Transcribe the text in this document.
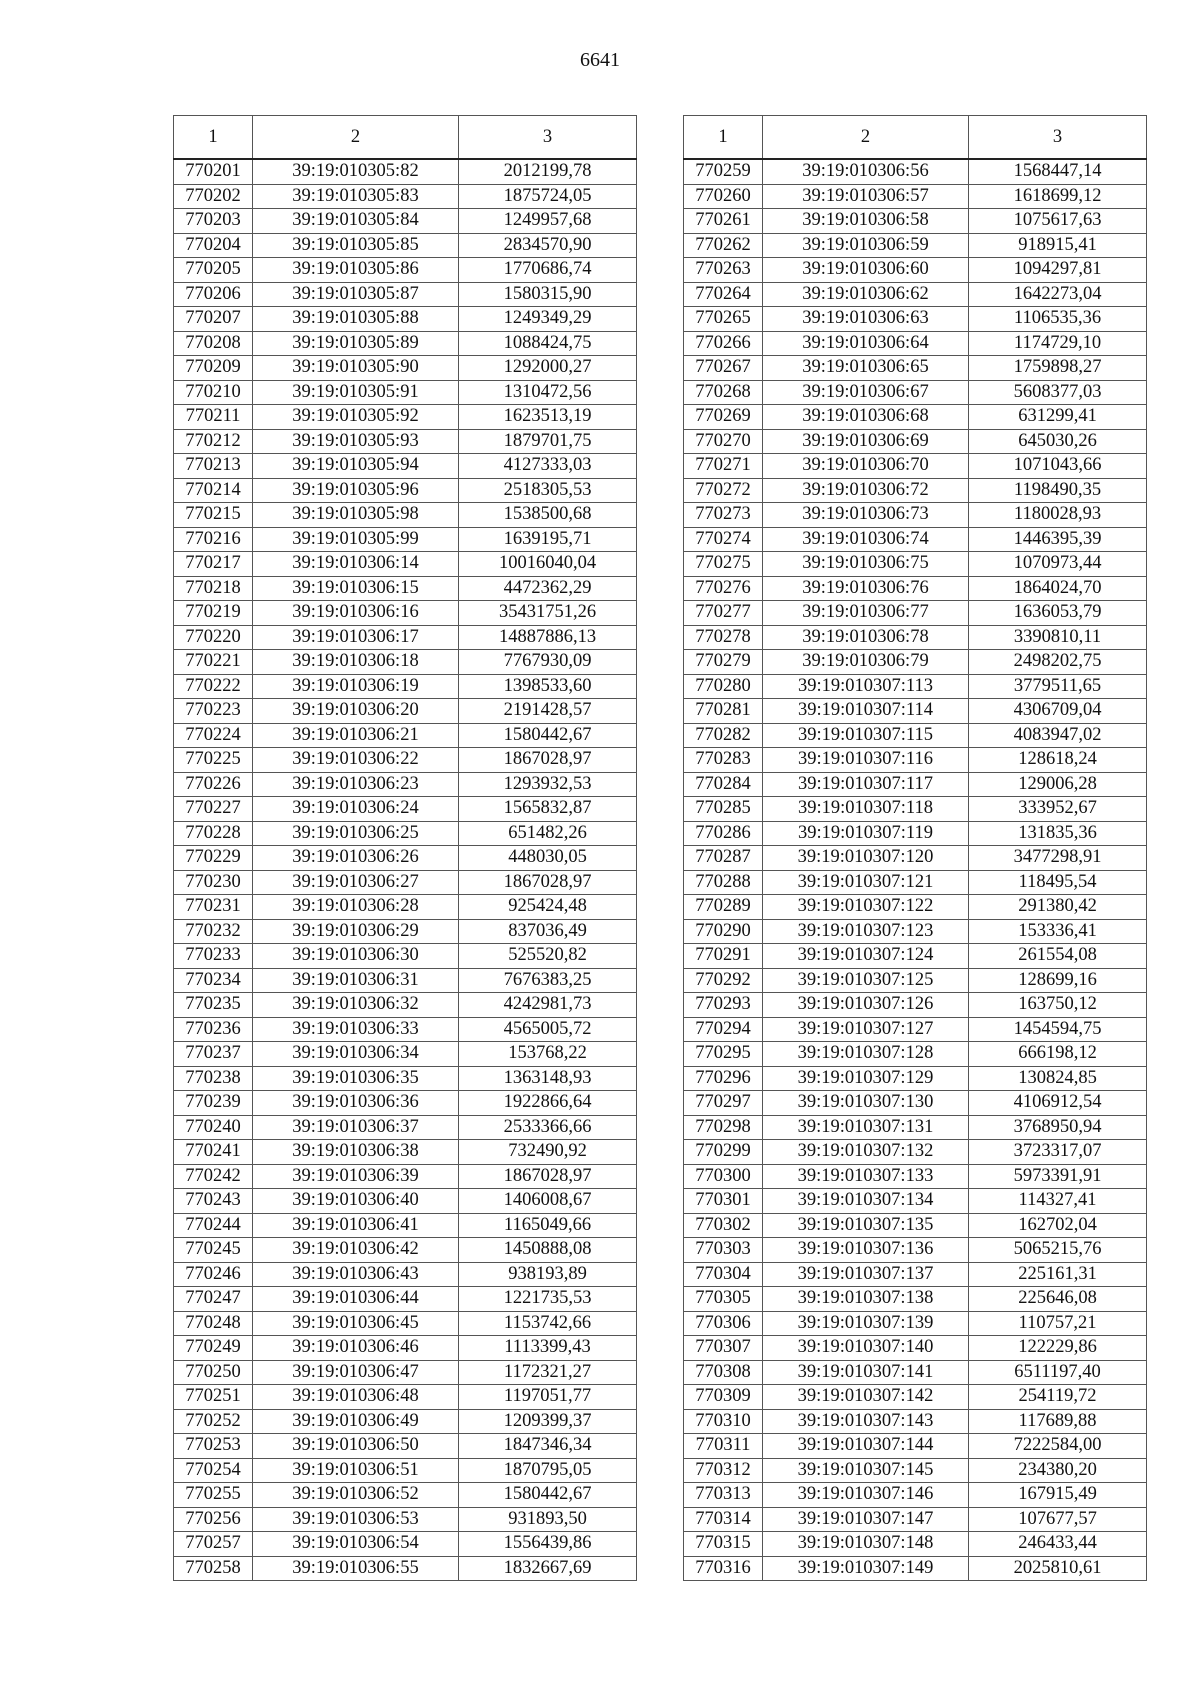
6641
1	2	3
770201	39:19:010305:82	2012199,78
770202	39:19:010305:83	1875724,05
770203	39:19:010305:84	1249957,68
770204	39:19:010305:85	2834570,90
770205	39:19:010305:86	1770686,74
770206	39:19:010305:87	1580315,90
770207	39:19:010305:88	1249349,29
770208	39:19:010305:89	1088424,75
770209	39:19:010305:90	1292000,27
770210	39:19:010305:91	1310472,56
770211	39:19:010305:92	1623513,19
770212	39:19:010305:93	1879701,75
770213	39:19:010305:94	4127333,03
770214	39:19:010305:96	2518305,53
770215	39:19:010305:98	1538500,68
770216	39:19:010305:99	1639195,71
770217	39:19:010306:14	10016040,04
770218	39:19:010306:15	4472362,29
770219	39:19:010306:16	35431751,26
770220	39:19:010306:17	14887886,13
770221	39:19:010306:18	7767930,09
770222	39:19:010306:19	1398533,60
770223	39:19:010306:20	2191428,57
770224	39:19:010306:21	1580442,67
770225	39:19:010306:22	1867028,97
770226	39:19:010306:23	1293932,53
770227	39:19:010306:24	1565832,87
770228	39:19:010306:25	651482,26
770229	39:19:010306:26	448030,05
770230	39:19:010306:27	1867028,97
770231	39:19:010306:28	925424,48
770232	39:19:010306:29	837036,49
770233	39:19:010306:30	525520,82
770234	39:19:010306:31	7676383,25
770235	39:19:010306:32	4242981,73
770236	39:19:010306:33	4565005,72
770237	39:19:010306:34	153768,22
770238	39:19:010306:35	1363148,93
770239	39:19:010306:36	1922866,64
770240	39:19:010306:37	2533366,66
770241	39:19:010306:38	732490,92
770242	39:19:010306:39	1867028,97
770243	39:19:010306:40	1406008,67
770244	39:19:010306:41	1165049,66
770245	39:19:010306:42	1450888,08
770246	39:19:010306:43	938193,89
770247	39:19:010306:44	1221735,53
770248	39:19:010306:45	1153742,66
770249	39:19:010306:46	1113399,43
770250	39:19:010306:47	1172321,27
770251	39:19:010306:48	1197051,77
770252	39:19:010306:49	1209399,37
770253	39:19:010306:50	1847346,34
770254	39:19:010306:51	1870795,05
770255	39:19:010306:52	1580442,67
770256	39:19:010306:53	931893,50
770257	39:19:010306:54	1556439,86
770258	39:19:010306:55	1832667,69
1	2	3
770259	39:19:010306:56	1568447,14
770260	39:19:010306:57	1618699,12
770261	39:19:010306:58	1075617,63
770262	39:19:010306:59	918915,41
770263	39:19:010306:60	1094297,81
770264	39:19:010306:62	1642273,04
770265	39:19:010306:63	1106535,36
770266	39:19:010306:64	1174729,10
770267	39:19:010306:65	1759898,27
770268	39:19:010306:67	5608377,03
770269	39:19:010306:68	631299,41
770270	39:19:010306:69	645030,26
770271	39:19:010306:70	1071043,66
770272	39:19:010306:72	1198490,35
770273	39:19:010306:73	1180028,93
770274	39:19:010306:74	1446395,39
770275	39:19:010306:75	1070973,44
770276	39:19:010306:76	1864024,70
770277	39:19:010306:77	1636053,79
770278	39:19:010306:78	3390810,11
770279	39:19:010306:79	2498202,75
770280	39:19:010307:113	3779511,65
770281	39:19:010307:114	4306709,04
770282	39:19:010307:115	4083947,02
770283	39:19:010307:116	128618,24
770284	39:19:010307:117	129006,28
770285	39:19:010307:118	333952,67
770286	39:19:010307:119	131835,36
770287	39:19:010307:120	3477298,91
770288	39:19:010307:121	118495,54
770289	39:19:010307:122	291380,42
770290	39:19:010307:123	153336,41
770291	39:19:010307:124	261554,08
770292	39:19:010307:125	128699,16
770293	39:19:010307:126	163750,12
770294	39:19:010307:127	1454594,75
770295	39:19:010307:128	666198,12
770296	39:19:010307:129	130824,85
770297	39:19:010307:130	4106912,54
770298	39:19:010307:131	3768950,94
770299	39:19:010307:132	3723317,07
770300	39:19:010307:133	5973391,91
770301	39:19:010307:134	114327,41
770302	39:19:010307:135	162702,04
770303	39:19:010307:136	5065215,76
770304	39:19:010307:137	225161,31
770305	39:19:010307:138	225646,08
770306	39:19:010307:139	110757,21
770307	39:19:010307:140	122229,86
770308	39:19:010307:141	6511197,40
770309	39:19:010307:142	254119,72
770310	39:19:010307:143	117689,88
770311	39:19:010307:144	7222584,00
770312	39:19:010307:145	234380,20
770313	39:19:010307:146	167915,49
770314	39:19:010307:147	107677,57
770315	39:19:010307:148	246433,44
770316	39:19:010307:149	2025810,61
